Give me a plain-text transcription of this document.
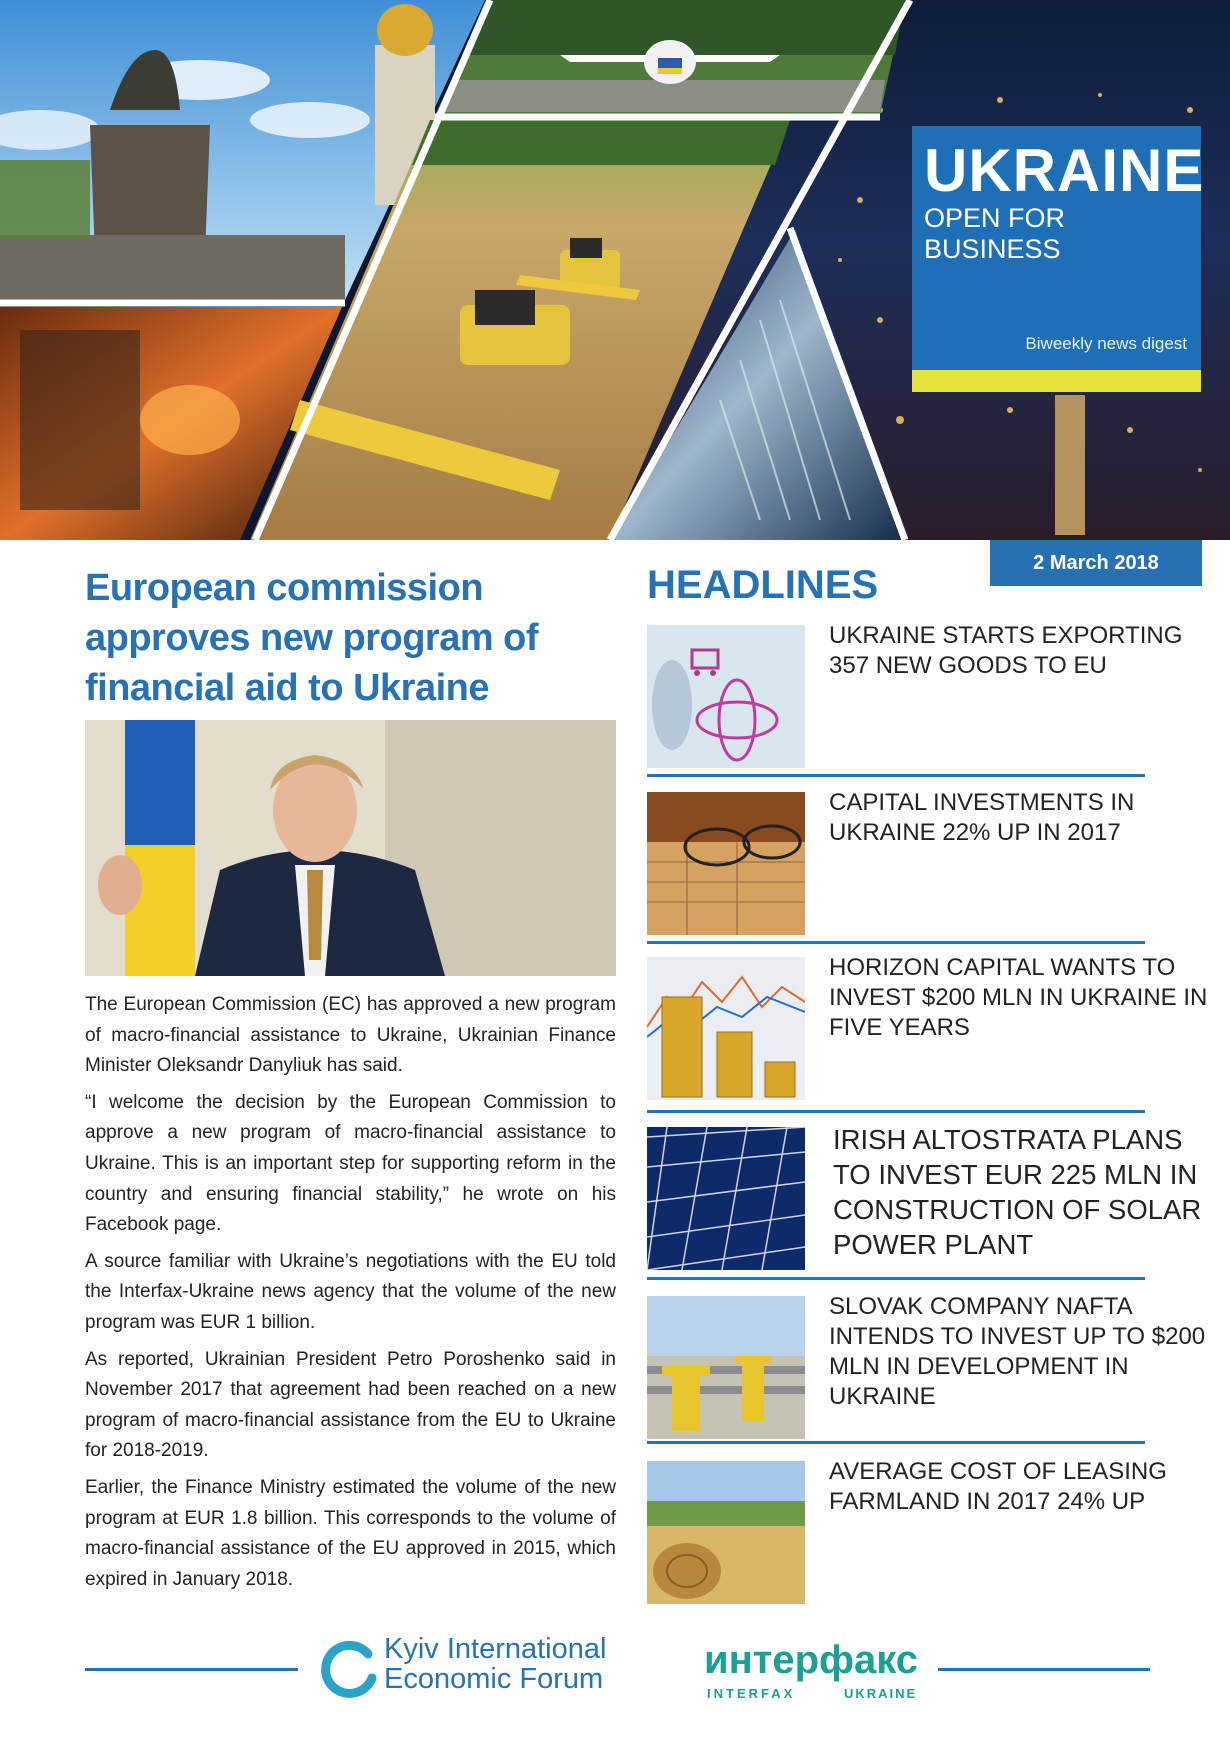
UKRAINE
OPEN FOR BUSINESS
Biweekly news digest
2 March 2018
European commission approves new program of financial aid to Ukraine

The European Commission (EC) has approved a new program of macro-financial assistance to Ukraine, Ukrainian Finance Minister Oleksandr Danyliuk has said.

“I welcome the decision by the European Commission to approve a new program of macro-financial assistance to Ukraine. This is an important step for supporting reform in the country and ensuring financial stability,” he wrote on his Facebook page.

A source familiar with Ukraine’s negotiations with the EU told the Interfax-Ukraine news agency that the volume of the new program was EUR 1 billion.

As reported, Ukrainian President Petro Poroshenko said in November 2017 that agreement had been reached on a new program of macro-financial assistance from the EU to Ukraine for 2018-2019.

Earlier, the Finance Ministry estimated the volume of the new program at EUR 1.8 billion. This corresponds to the volume of macro-financial assistance of the EU approved in 2015, which expired in January 2018.

HEADLINES
UKRAINE STARTS EXPORTING 357 NEW GOODS TO EU
CAPITAL INVESTMENTS IN UKRAINE 22% UP IN 2017
HORIZON CAPITAL WANTS TO INVEST $200 MLN IN UKRAINE IN FIVE YEARS
IRISH ALTOSTRATA PLANS TO INVEST EUR 225 MLN IN CONSTRUCTION OF SOLAR POWER PLANT
SLOVAK COMPANY NAFTA INTENDS TO INVEST UP TO $200 MLN IN DEVELOPMENT IN UKRAINE
AVERAGE COST OF LEASING FARMLAND IN 2017 24% UP
Kyiv International
Economic Forum	интерфакс
INTERFAX	UKRAINE
